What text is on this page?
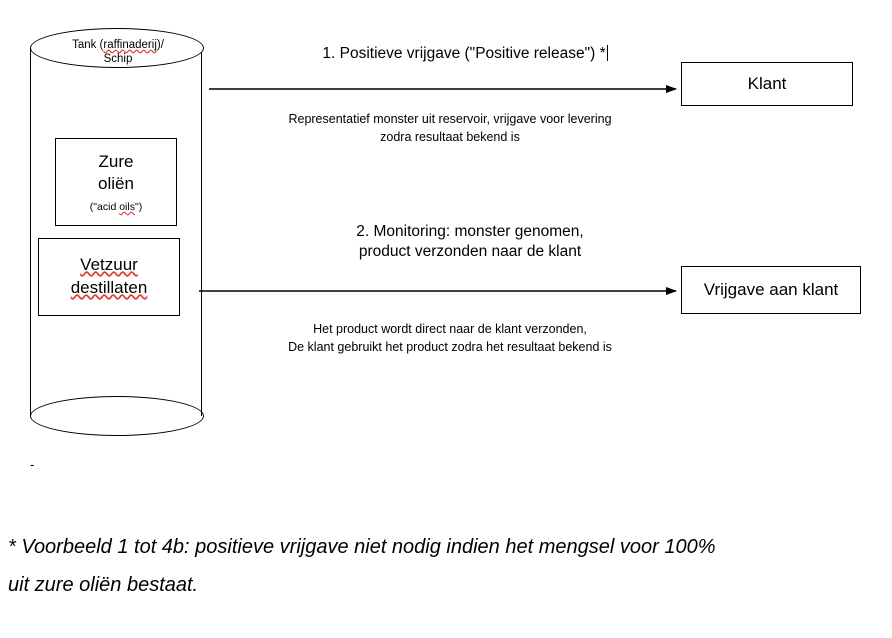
Tank (raffinaderij)/
Schip
Zure
oliën
("acid oils")
Vetzuur
destillaten
Klant
Vrijgave aan klant
1. Positieve vrijgave ("Positive release") *
Representatief monster uit reservoir, vrijgave voor levering
zodra resultaat bekend is
2. Monitoring: monster genomen,
product verzonden naar de klant
Het product wordt direct naar de klant verzonden,
De klant gebruikt het product zodra het resultaat bekend is
-
* Voorbeeld 1 tot 4b: positieve vrijgave niet nodig indien het mengsel voor 100%
uit zure oliën bestaat.
